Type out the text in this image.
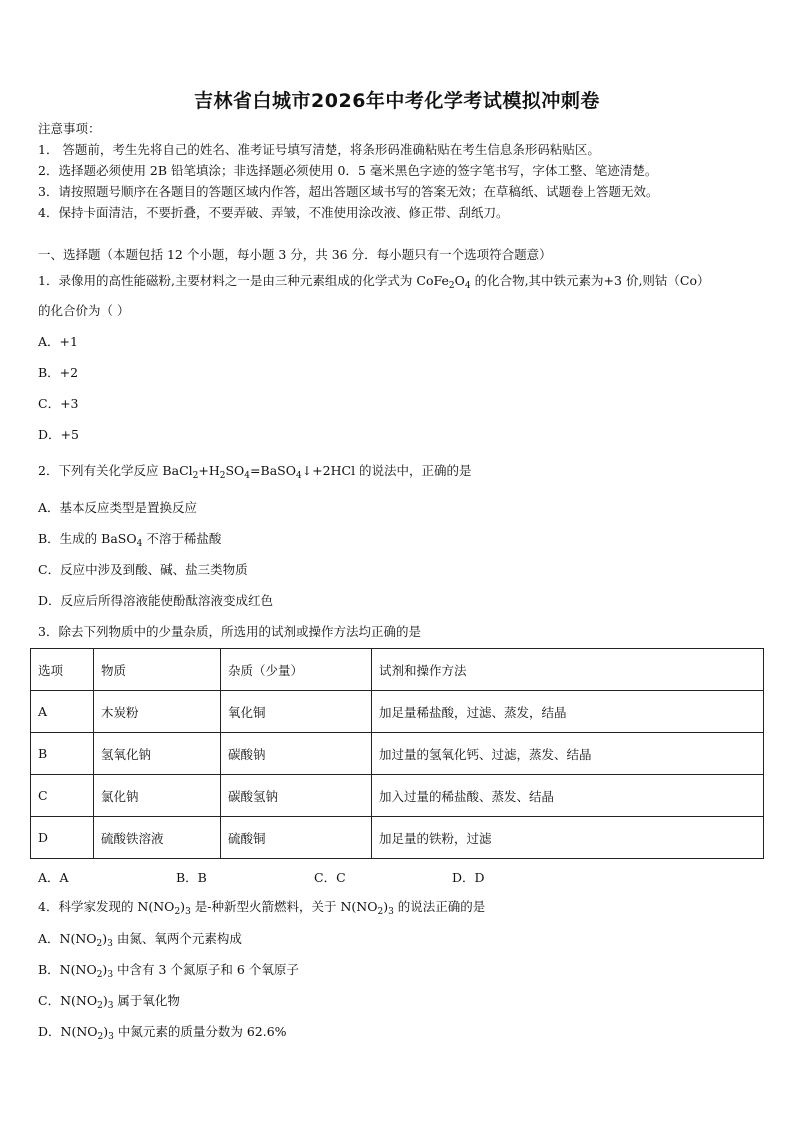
吉林省白城市2026年中考化学考试模拟冲刺卷
注意事项：
1． 答题前，考生先将自己的姓名、准考证号填写清楚，将条形码准确粘贴在考生信息条形码粘贴区。
2．选择题必须使用 2B 铅笔填涂；非选择题必须使用 0．5 毫米黑色字迹的签字笔书写，字体工整、笔迹清楚。
3．请按照题号顺序在各题目的答题区域内作答，超出答题区域书写的答案无效；在草稿纸、试题卷上答题无效。
4．保持卡面清洁，不要折叠，不要弄破、弄皱，不准使用涂改液、修正带、刮纸刀。
一、选择题（本题包括 12 个小题，每小题 3 分，共 36 分．每小题只有一个选项符合题意）
1．录像用的高性能磁粉,主要材料之一是由三种元素组成的化学式为 $CoFe_2O_4$ 的化合物,其中铁元素为+3 价,则钴（Co）
的化合价为（ ）
A．+1
B．+2
C．+3
D．+5
2．下列有关化学反应 $BaCl_2+H_2SO_4=BaSO_4↓+2HCl$ 的说法中，正确的是
A．基本反应类型是置换反应
B．生成的 BaSO$_4$ 不溶于稀盐酸
C．反应中涉及到酸、碱、盐三类物质
D．反应后所得溶液能使酚酞溶液变成红色
3．除去下列物质中的少量杂质，所选用的试剂或操作方法均正确的是
选项	物质	杂质（少量）	试剂和操作方法
A	木炭粉	氧化铜	加足量稀盐酸，过滤、蒸发，结晶
B	氢氧化钠	碳酸钠	加过量的氢氧化钙、过滤，蒸发、结晶
C	氯化钠	碳酸氢钠	加入过量的稀盐酸、蒸发、结晶
D	硫酸铁溶液	硫酸铜	加足量的铁粉，过滤
A．A	B．B	C．C	D．D
4．科学家发现的 $N(NO_2)_3$ 是-种新型火箭燃料，关于 $N(NO_2)_3$ 的说法正确的是
A．$N(NO_2)_3$ 由氮、氧两个元素构成
B．$N(NO_2)_3$ 中含有 3 个氮原子和 6 个氧原子
C．$N(NO_2)_3$ 属于氧化物
D．$N(NO_2)_3$ 中氮元素的质量分数为 62.6%
